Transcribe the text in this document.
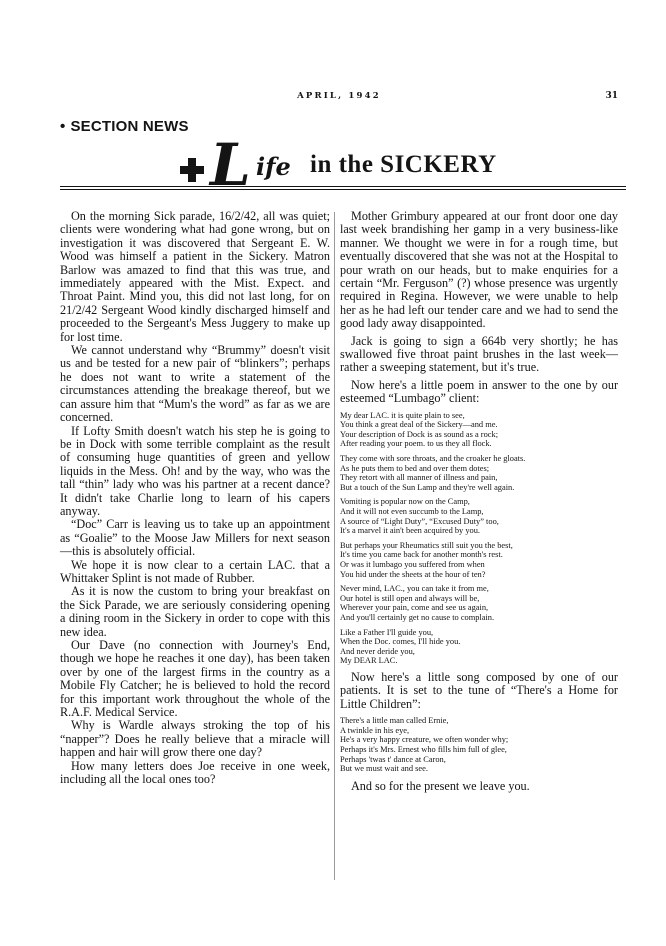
APRIL, 1942	31
• SECTION NEWS
L ife in the SICKERY

On the morning Sick parade, 16/2/42, all was quiet; clients were wondering what had gone wrong, but on investigation it was discovered that Sergeant E. W. Wood was himself a patient in the Sickery. Matron Barlow was amazed to find that this was true, and immediately appeared with the Mist. Expect. and Throat Paint. Mind you, this did not last long, for on 21/2/42 Sergeant Wood kindly discharged himself and proceeded to the Sergeant's Mess Juggery to make up for lost time.

We cannot understand why “Brummy” doesn't visit us and be tested for a new pair of “blinkers”; perhaps he does not want to write a statement of the circumstances attending the breakage thereof, but we can assure him that “Mum's the word” as far as we are concerned.

If Lofty Smith doesn't watch his step he is going to be in Dock with some terrible complaint as the result of consuming huge quantities of green and yellow liquids in the Mess. Oh! and by the way, who was the tall “thin” lady who was his partner at a recent dance? It didn't take Charlie long to learn of his capers anyway.

“Doc” Carr is leaving us to take up an appointment as “Goalie” to the Moose Jaw Millers for next season—this is absolutely official.

We hope it is now clear to a certain LAC. that a Whittaker Splint is not made of Rubber.

As it is now the custom to bring your breakfast on the Sick Parade, we are seriously considering opening a dining room in the Sickery in order to cope with this new idea.

Our Dave (no connection with Journey's End, though we hope he reaches it one day), has been taken over by one of the largest firms in the country as a Mobile Fly Catcher; he is believed to hold the record for this important work throughout the whole of the R.A.F. Medical Service.

Why is Wardle always stroking the top of his “napper”? Does he really believe that a miracle will happen and hair will grow there one day?

How many letters does Joe receive in one week, including all the local ones too?

Mother Grimbury appeared at our front door one day last week brandishing her gamp in a very business-like manner. We thought we were in for a rough time, but eventually discovered that she was not at the Hospital to pour wrath on our heads, but to make enquiries for a certain “Mr. Ferguson” (?) whose presence was urgently required in Regina. However, we were unable to help her as he had left our tender care and we had to send the good lady away disappointed.

Jack is going to sign a 664b very shortly; he has swallowed five throat paint brushes in the last week—rather a sweeping statement, but it's true.

Now here's a little poem in answer to the one by our esteemed “Lumbago” client:

My dear LAC. it is quite plain to see,
You think a great deal of the Sickery—and me.
Your description of Dock is as sound as a rock;
After reading your poem. to us they all flock.
They come with sore throats, and the croaker he gloats.
As he puts them to bed and over them dotes;
They retort with all manner of illness and pain,
But a touch of the Sun Lamp and they're well again.
Vomiting is popular now on the Camp,
And it will not even succumb to the Lamp,
A source of “Light Duty”, “Excused Duty” too,
It's a marvel it ain't been acquired by you.
But perhaps your Rheumatics still suit you the best,
It's time you came back for another month's rest.
Or was it lumbago you suffered from when
You hid under the sheets at the hour of ten?
Never mind, LAC., you can take it from me,
Our hotel is still open and always will be,
Wherever your pain, come and see us again,
And you'll certainly get no cause to complain.
Like a Father I'll guide you,
When the Doc. comes, I'll hide you.
And never deride you,
My DEAR LAC.

Now here's a little song composed by one of our patients. It is set to the tune of “There's a Home for Little Children”:

There's a little man called Ernie,
A twinkle in his eye,
He's a very happy creature, we often wonder why;
Perhaps it's Mrs. Ernest who fills him full of glee,
Perhaps 'twas t' dance at Caron,
But we must wait and see.

And so for the present we leave you.
